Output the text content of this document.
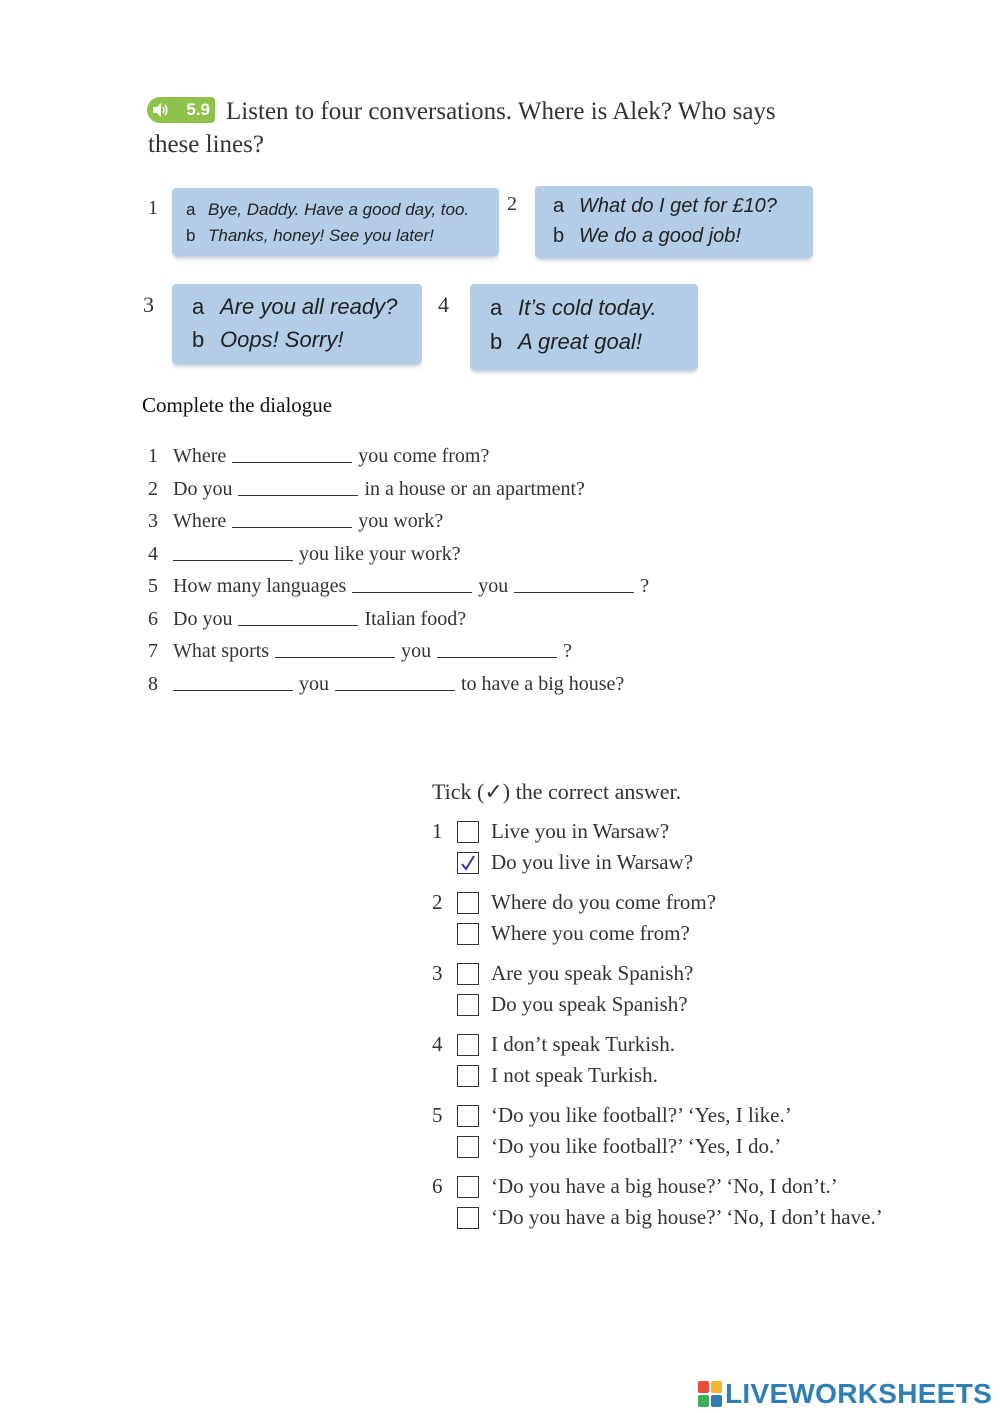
Listen to four conversations. Where is Alek? Who says these lines?
5.9
1 a Bye, Daddy. Have a good day, too.
b Thanks, honey! See you later!
2 a What do I get for £10?
b We do a good job!
3 a Are you all ready?
b Oops! Sorry!
4 a It’s cold today.
b A great goal!
Complete the dialogue
1 Where	you come from?
2 Do you	in a house or an apartment?
3 Where	you work?
4	you like your work?
5 How many languages	you	?
6 Do you	Italian food?
7 What sports	you	?
8	you	to have a big house?
Tick (✓) the correct answer.
1	Live you in Warsaw?
Do you live in Warsaw?
2	Where do you come from?
Where you come from?
3	Are you speak Spanish?
Do you speak Spanish?
4	I don’t speak Turkish.
I not speak Turkish.
5	‘Do you like football?’ ‘Yes, I like.’
‘Do you like football?’ ‘Yes, I do.’
6	‘Do you have a big house?’ ‘No, I don’t.’
‘Do you have a big house?’ ‘No, I don’t have.’
LIVEWORKSHEETS
